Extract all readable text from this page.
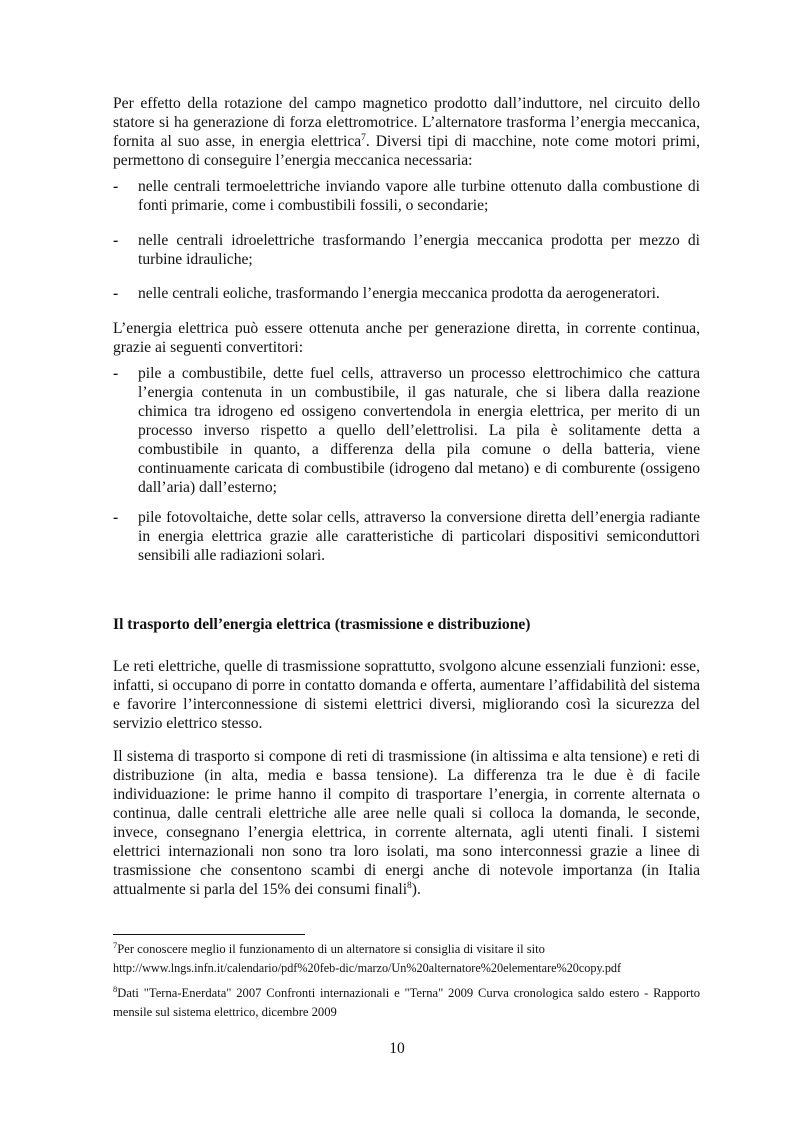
Per effetto della rotazione del campo magnetico prodotto dall’induttore, nel circuito dello statore si ha generazione di forza elettromotrice. L’alternatore trasforma l’energia meccanica, fornita al suo asse, in energia elettrica$^7$. Diversi tipi di macchine, note come motori primi, permettono di conseguire l’energia meccanica necessaria:

-	nelle centrali termoelettriche inviando vapore alle turbine ottenuto dalla combustione di fonti primarie, come i combustibili fossili, o secondarie;
-	nelle centrali idroelettriche trasformando l’energia meccanica prodotta per mezzo di turbine idrauliche;
-	nelle centrali eoliche, trasformando l’energia meccanica prodotta da aerogeneratori.

L’energia elettrica può essere ottenuta anche per generazione diretta, in corrente continua, grazie ai seguenti convertitori:

-	pile a combustibile, dette fuel cells, attraverso un processo elettrochimico che cattura l’energia contenuta in un combustibile, il gas naturale, che si libera dalla reazione chimica tra idrogeno ed ossigeno convertendola in energia elettrica, per merito di un processo inverso rispetto a quello dell’elettrolisi. La pila è solitamente detta a combustibile in quanto, a differenza della pila comune o della batteria, viene continuamente caricata di combustibile (idrogeno dal metano) e di comburente (ossigeno dall’aria) dall’esterno;
-	pile fotovoltaiche, dette solar cells, attraverso la conversione diretta dell’energia radiante in energia elettrica grazie alle caratteristiche di particolari dispositivi semiconduttori sensibili alle radiazioni solari.
Il trasporto dell’energia elettrica (trasmissione e distribuzione)

Le reti elettriche, quelle di trasmissione soprattutto, svolgono alcune essenziali funzioni: esse, infatti, si occupano di porre in contatto domanda e offerta, aumentare l’affidabilità del sistema e favorire l’interconnessione di sistemi elettrici diversi, migliorando così la sicurezza del servizio elettrico stesso.

Il sistema di trasporto si compone di reti di trasmissione (in altissima e alta tensione) e reti di distribuzione (in alta, media e bassa tensione). La differenza tra le due è di facile individuazione: le prime hanno il compito di trasportare l’energia, in corrente alternata o continua, dalle centrali elettriche alle aree nelle quali si colloca la domanda, le seconde, invece, consegnano l’energia elettrica, in corrente alternata, agli utenti finali. I sistemi elettrici internazionali non sono tra loro isolati, ma sono interconnessi grazie a linee di trasmissione che consentono scambi di energi anche di notevole importanza (in Italia attualmente si parla del 15% dei consumi finali$^8$).

$^7$Per conoscere meglio il funzionamento di un alternatore si consiglia di visitare il sito
http://www.lngs.infn.it/calendario/pdf%20feb-dic/marzo/Un%20alternatore%20elementare%20copy.pdf
$^8$Dati "Terna-Enerdata" 2007 Confronti internazionali e "Terna" 2009 Curva cronologica saldo estero - Rapporto mensile sul sistema elettrico, dicembre 2009
10
